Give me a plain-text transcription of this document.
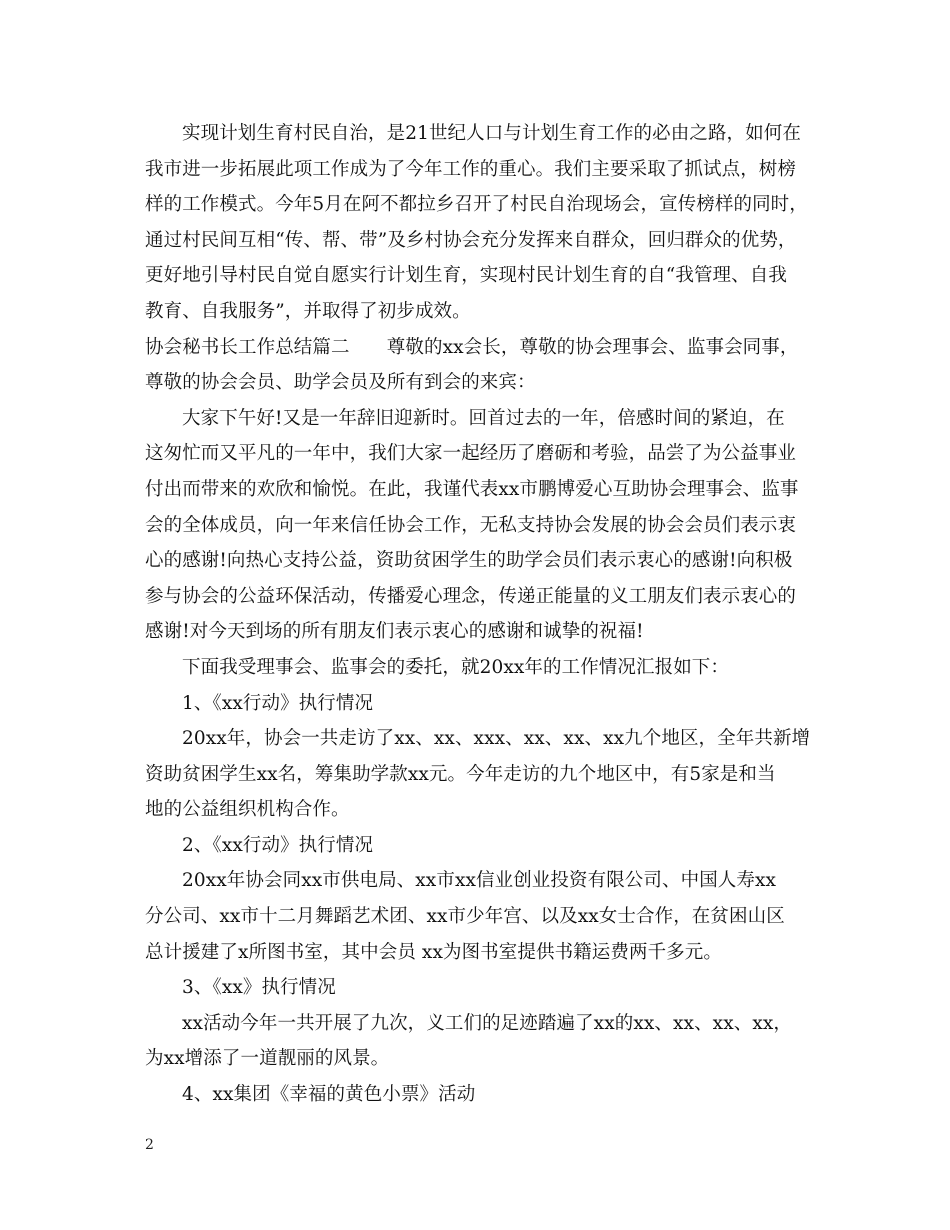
实现计划生育村民自治，是21世纪人口与计划生育工作的必由之路，如何在
我市进一步拓展此项工作成为了今年工作的重心。我们主要采取了抓试点，树榜
样的工作模式。今年5月在阿不都拉乡召开了村民自治现场会，宣传榜样的同时，
通过村民间互相“传、帮、带”及乡村协会充分发挥来自群众，回归群众的优势，
更好地引导村民自觉自愿实行计划生育，实现村民计划生育的自“我管理、自我
教育、自我服务”，并取得了初步成效。
协会秘书长工作总结篇二　　尊敬的xx会长，尊敬的协会理事会、监事会同事，
尊敬的协会会员、助学会员及所有到会的来宾：
大家下午好!又是一年辞旧迎新时。回首过去的一年，倍感时间的紧迫，在
这匆忙而又平凡的一年中，我们大家一起经历了磨砺和考验，品尝了为公益事业
付出而带来的欢欣和愉悦。在此，我谨代表xx市鹏博爱心互助协会理事会、监事
会的全体成员，向一年来信任协会工作，无私支持协会发展的协会会员们表示衷
心的感谢!向热心支持公益，资助贫困学生的助学会员们表示衷心的感谢!向积极
参与协会的公益环保活动，传播爱心理念，传递正能量的义工朋友们表示衷心的
感谢!对今天到场的所有朋友们表示衷心的感谢和诚挚的祝福!
下面我受理事会、监事会的委托，就20xx年的工作情况汇报如下：
1、《xx行动》执行情况
20xx年，协会一共走访了xx、xx、xxx、xx、xx、xx九个地区，全年共新增
资助贫困学生xx名，筹集助学款xx元。今年走访的九个地区中，有5家是和当
地的公益组织机构合作。
2、《xx行动》执行情况
20xx年协会同xx市供电局、xx市xx信业创业投资有限公司、中国人寿xx
分公司、xx市十二月舞蹈艺术团、xx市少年宫、以及xx女士合作，在贫困山区
总计援建了x所图书室，其中会员 xx为图书室提供书籍运费两千多元。
3、《xx》执行情况
xx活动今年一共开展了九次，义工们的足迹踏遍了xx的xx、xx、xx、xx，
为xx增添了一道靓丽的风景。
4、xx集团《幸福的黄色小票》活动
2
